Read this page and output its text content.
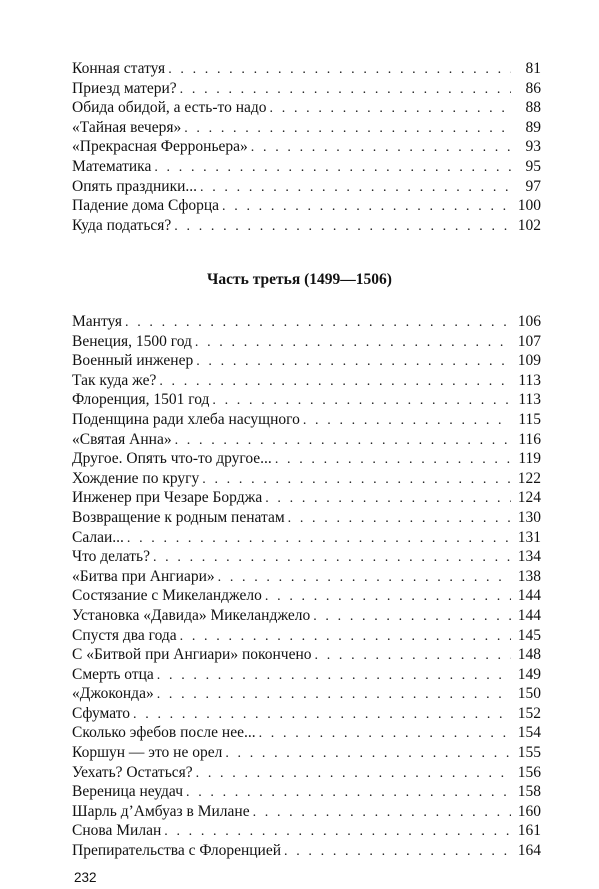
Конная статуя . . .	81
Приезд матери? . . .	86
Обида обидой, а есть-то надо . . .	88
«Тайная вечеря» . . .	89
«Прекрасная Ферроньера» . . .	93
Математика . . .	95
Опять праздники... . . .	97
Падение дома Сфорца . . .	100
Куда податься? . . .	102
Часть третья (1499—1506)
Мантуя . . .	106
Венеция, 1500 год . . .	107
Военный инженер . . .	109
Так куда же? . . .	113
Флоренция, 1501 год . . .	113
Поденщина ради хлеба насущного . . .	115
«Святая Анна» . . .	116
Другое. Опять что-то другое... . . .	119
Хождение по кругу . . .	122
Инженер при Чезаре Борджа . . .	124
Возвращение к родным пенатам . . .	130
Салаи... . . .	131
Что делать? . . .	134
«Битва при Ангиари» . . .	138
Состязание с Микеланджело . . .	144
Установка «Давида» Микеланджело . . .	144
Спустя два года . . .	145
С «Битвой при Ангиари» покончено . . .	148
Смерть отца . . .	149
«Джоконда» . . .	150
Сфумато . . .	152
Сколько эфебов после нее... . . .	154
Коршун — это не орел . . .	155
Уехать? Остаться? . . .	156
Вереница неудач . . .	158
Шарль д’Амбуаз в Милане . . .	160
Снова Милан . . .	161
Препирательства с Флоренцией . . .	164
232
